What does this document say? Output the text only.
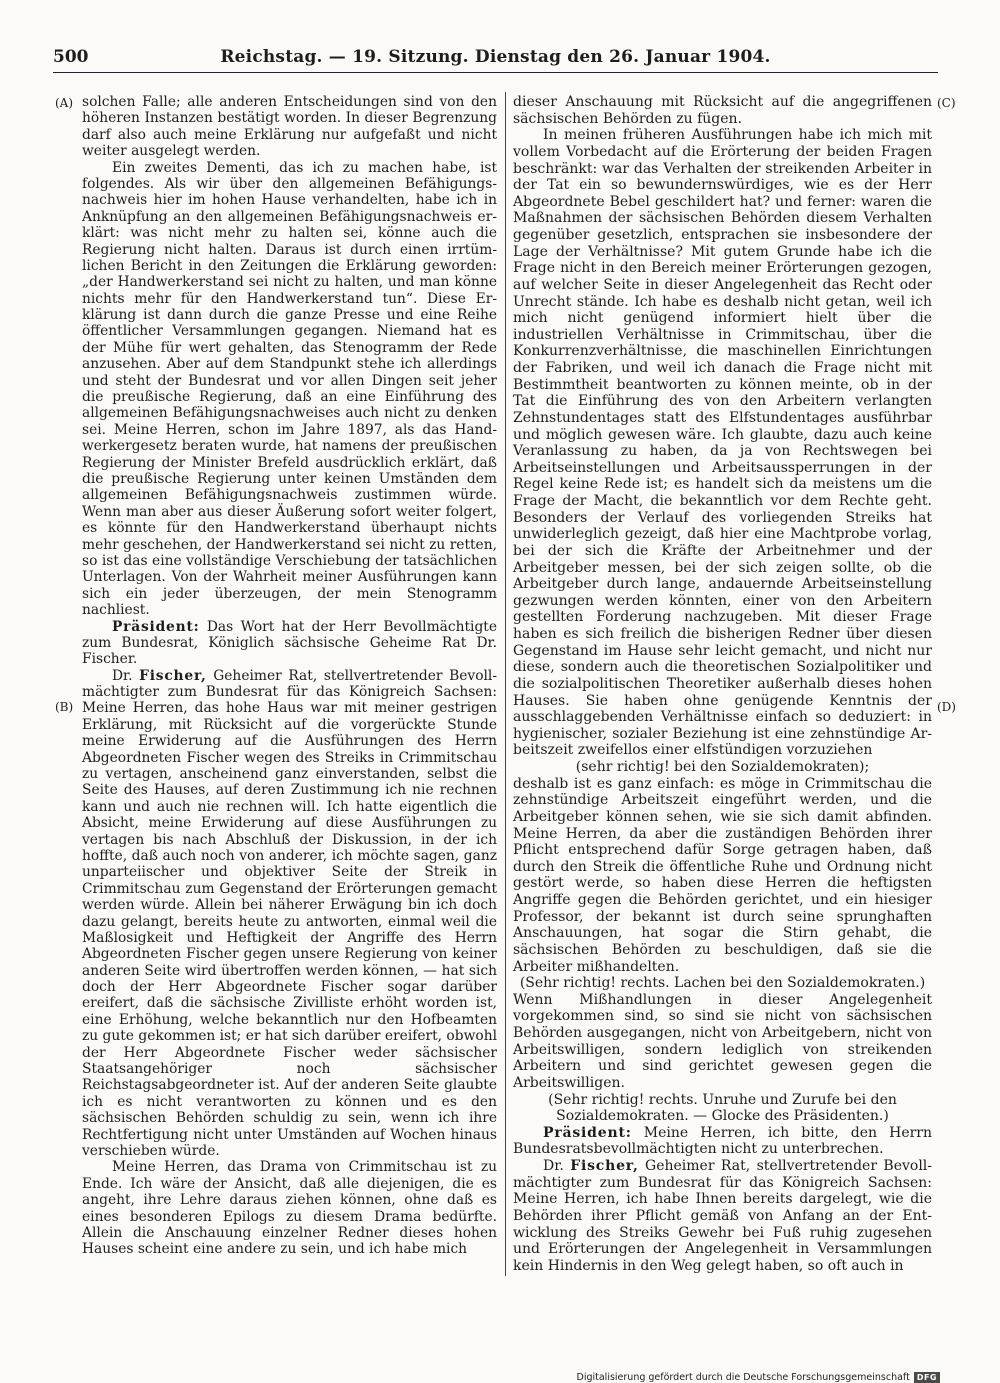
500	Reichstag. — 19. Sitzung. Dienstag den 26. Januar 1904.
(A)
(B)
(C)
(D)

solchen Falle; alle anderen Entscheidungen sind von den höheren Instanzen bestätigt worden. In dieser Begrenzung darf also auch meine Erklärung nur aufgefaßt und nicht weiter ausgelegt werden.

Ein zweites Dementi, das ich zu machen habe, ist folgendes. Als wir über den allgemeinen Befähigungsnachweis hier im hohen Hause verhandelten, habe ich in Anknüpfung an den allgemeinen Befähigungsnachweis erklärt: was nicht mehr zu halten sei, könne auch die Regierung nicht halten. Daraus ist durch einen irrtümlichen Bericht in den Zeitungen die Erklärung geworden: „der Handwerkerstand sei nicht zu halten, und man könne nichts mehr für den Handwerkerstand tun“. Diese Erklärung ist dann durch die ganze Presse und eine Reihe öffentlicher Versammlungen gegangen. Niemand hat es der Mühe für wert gehalten, das Stenogramm der Rede anzusehen. Aber auf dem Standpunkt stehe ich allerdings und steht der Bundesrat und vor allen Dingen seit jeher die preußische Regierung, daß an eine Einführung des allgemeinen Befähigungsnachweises auch nicht zu denken sei. Meine Herren, schon im Jahre 1897, als das Handwerkergesetz beraten wurde, hat namens der preußischen Regierung der Minister Brefeld ausdrücklich erklärt, daß die preußische Regierung unter keinen Umständen dem allgemeinen Befähigungsnachweis zustimmen würde. Wenn man aber aus dieser Äußerung sofort weiter folgert, es könnte für den Handwerkerstand überhaupt nichts mehr geschehen, der Handwerkerstand sei nicht zu retten, so ist das eine vollständige Verschiebung der tatsächlichen Unterlagen. Von der Wahrheit meiner Ausführungen kann sich ein jeder überzeugen, der mein Stenogramm nachliest.

Präsident: Das Wort hat der Herr Bevollmächtigte zum Bundesrat, Königlich sächsische Geheime Rat Dr. Fischer.

Dr. Fischer, Geheimer Rat, stellvertretender Bevollmächtigter zum Bundesrat für das Königreich Sachsen: Meine Herren, das hohe Haus war mit meiner gestrigen Erklärung, mit Rücksicht auf die vorgerückte Stunde meine Erwiderung auf die Ausführungen des Herrn Abgeordneten Fischer wegen des Streiks in Crimmitschau zu vertagen, anscheinend ganz einverstanden, selbst die Seite des Hauses, auf deren Zustimmung ich nie rechnen kann und auch nie rechnen will. Ich hatte eigentlich die Absicht, meine Erwiderung auf diese Ausführungen zu vertagen bis nach Abschluß der Diskussion, in der ich hoffte, daß auch noch von anderer, ich möchte sagen, ganz unparteiischer und objektiver Seite der Streik in Crimmitschau zum Gegenstand der Erörterungen gemacht werden würde. Allein bei näherer Erwägung bin ich doch dazu gelangt, bereits heute zu antworten, einmal weil die Maßlosigkeit und Heftigkeit der Angriffe des Herrn Abgeordneten Fischer gegen unsere Regierung von keiner anderen Seite wird übertroffen werden können, — hat sich doch der Herr Abgeordnete Fischer sogar darüber ereifert, daß die sächsische Zivilliste erhöht worden ist, eine Erhöhung, welche bekanntlich nur den Hofbeamten zu gute gekommen ist; er hat sich darüber ereifert, obwohl der Herr Abgeordnete Fischer weder sächsischer Staatsangehöriger noch sächsischer Reichstagsabgeordneter ist. Auf der anderen Seite glaubte ich es nicht verantworten zu können und es den sächsischen Behörden schuldig zu sein, wenn ich ihre Rechtfertigung nicht unter Umständen auf Wochen hinaus verschieben würde.

Meine Herren, das Drama von Crimmitschau ist zu Ende. Ich wäre der Ansicht, daß alle diejenigen, die es angeht, ihre Lehre daraus ziehen können, ohne daß es eines besonderen Epilogs zu diesem Drama bedürfte. Allein die Anschauung einzelner Redner dieses hohen Hauses scheint eine andere zu sein, und ich habe mich

dieser Anschauung mit Rücksicht auf die angegriffenen sächsischen Behörden zu fügen.

In meinen früheren Ausführungen habe ich mich mit vollem Vorbedacht auf die Erörterung der beiden Fragen beschränkt: war das Verhalten der streikenden Arbeiter in der Tat ein so bewundernswürdiges, wie es der Herr Abgeordnete Bebel geschildert hat? und ferner: waren die Maßnahmen der sächsischen Behörden diesem Verhalten gegenüber gesetzlich, entsprachen sie insbesondere der Lage der Verhältnisse? Mit gutem Grunde habe ich die Frage nicht in den Bereich meiner Erörterungen gezogen, auf welcher Seite in dieser Angelegenheit das Recht oder Unrecht stände. Ich habe es deshalb nicht getan, weil ich mich nicht genügend informiert hielt über die industriellen Verhältnisse in Crimmitschau, über die Konkurrenzverhältnisse, die maschinellen Einrichtungen der Fabriken, und weil ich danach die Frage nicht mit Bestimmtheit beantworten zu können meinte, ob in der Tat die Einführung des von den Arbeitern verlangten Zehnstundentages statt des Elfstundentages ausführbar und möglich gewesen wäre. Ich glaubte, dazu auch keine Veranlassung zu haben, da ja von Rechtswegen bei Arbeitseinstellungen und Arbeitsaussperrungen in der Regel keine Rede ist; es handelt sich da meistens um die Frage der Macht, die bekanntlich vor dem Rechte geht. Besonders der Verlauf des vorliegenden Streiks hat unwiderleglich gezeigt, daß hier eine Machtprobe vorlag, bei der sich die Kräfte der Arbeitnehmer und der Arbeitgeber messen, bei der sich zeigen sollte, ob die Arbeitgeber durch lange, andauernde Arbeitseinstellung gezwungen werden könnten, einer von den Arbeitern gestellten Forderung nachzugeben. Mit dieser Frage haben es sich freilich die bisherigen Redner über diesen Gegenstand im Hause sehr leicht gemacht, und nicht nur diese, sondern auch die theoretischen Sozialpolitiker und die sozialpolitischen Theoretiker außerhalb dieses hohen Hauses. Sie haben ohne genügende Kenntnis der ausschlaggebenden Verhältnisse einfach so deduziert: in hygienischer, sozialer Beziehung ist eine zehnstündige Arbeitszeit zweifellos einer elfstündigen vorzuziehen

(sehr richtig! bei den Sozialdemokraten);

deshalb ist es ganz einfach: es möge in Crimmitschau die zehnstündige Arbeitszeit eingeführt werden, und die Arbeitgeber können sehen, wie sie sich damit abfinden. Meine Herren, da aber die zuständigen Behörden ihrer Pflicht entsprechend dafür Sorge getragen haben, daß durch den Streik die öffentliche Ruhe und Ordnung nicht gestört werde, so haben diese Herren die heftigsten Angriffe gegen die Behörden gerichtet, und ein hiesiger Professor, der bekannt ist durch seine sprunghaften Anschauungen, hat sogar die Stirn gehabt, die sächsischen Behörden zu beschuldigen, daß sie die Arbeiter mißhandelten.

(Sehr richtig! rechts. Lachen bei den Sozialdemokraten.)

Wenn Mißhandlungen in dieser Angelegenheit vorgekommen sind, so sind sie nicht von sächsischen Behörden ausgegangen, nicht von Arbeitgebern, nicht von Arbeitswilligen, sondern lediglich von streikenden Arbeitern und sind gerichtet gewesen gegen die Arbeitswilligen.

(Sehr richtig! rechts. Unruhe und Zurufe bei den Sozialdemokraten. — Glocke des Präsidenten.)

Präsident: Meine Herren, ich bitte, den Herrn Bundesratsbevollmächtigten nicht zu unterbrechen.

Dr. Fischer, Geheimer Rat, stellvertretender Bevollmächtigter zum Bundesrat für das Königreich Sachsen: Meine Herren, ich habe Ihnen bereits dargelegt, wie die Behörden ihrer Pflicht gemäß von Anfang an der Entwicklung des Streiks Gewehr bei Fuß ruhig zugesehen und Erörterungen der Angelegenheit in Versammlungen kein Hindernis in den Weg gelegt haben, so oft auch in

Digitalisierung gefördert durch die Deutsche Forschungsgemeinschaft DFG
